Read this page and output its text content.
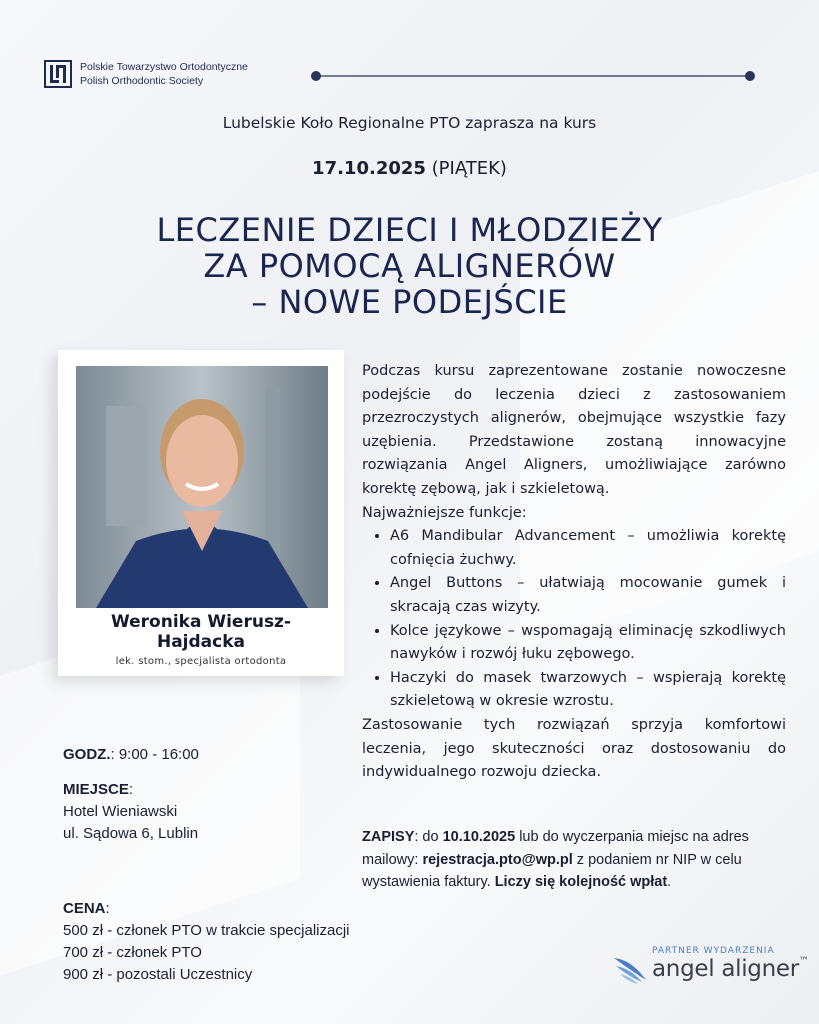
Polskie Towarzystwo Ortodontyczne
Polish Orthodontic Society
Lubelskie Koło Regionalne PTO zaprasza na kurs
17.10.2025 (PIĄTEK)
LECZENIE DZIECI I MŁODZIEŻY
ZA POMOCĄ ALIGNERÓW
– NOWE PODEJŚCIE
Weronika Wierusz-
Hajdacka
lek. stom., specjalista ortodonta

Podczas kursu zaprezentowane zostanie nowoczesne podejście do leczenia dzieci z zastosowaniem przezroczystych alignerów, obejmujące wszystkie fazy uzębienia. Przedstawione zostaną innowacyjne rozwiązania Angel Aligners, umożliwiające zarówno korektę zębową, jak i szkieletową.

Najważniejsze funkcje:

• A6 Mandibular Advancement – umożliwia korektę cofnięcia żuchwy.
• Angel Buttons – ułatwiają mocowanie gumek i skracają czas wizyty.
• Kolce językowe – wspomagają eliminację szkodliwych nawyków i rozwój łuku zębowego.
• Haczyki do masek twarzowych – wspierają korektę szkieletową w okresie wzrostu.

Zastosowanie tych rozwiązań sprzyja komfortowi leczenia, jego skuteczności oraz dostosowaniu do indywidualnego rozwoju dziecka.

GODZ.: 9:00 - 16:00
MIEJSCE:
Hotel Wieniawski
ul. Sądowa 6, Lublin	ZAPISY: do 10.10.2025 lub do wyczerpania miejsc na adres mailowy: rejestracja.pto@wp.pl z podaniem nr NIP w celu wystawienia faktury. Liczy się kolejność wpłat.
CENA:
500 zł - członek PTO w trakcie specjalizacji
700 zł - członek PTO
900 zł - pozostali Uczestnicy
PARTNER WYDARZENIA
angel aligner™
